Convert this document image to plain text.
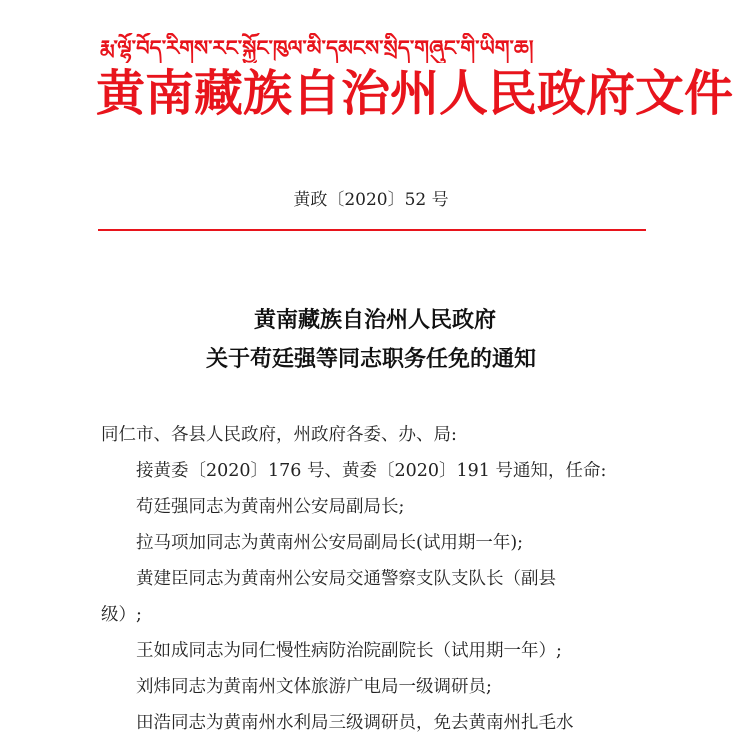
རྨ་ལྷོ་བོད་རིགས་རང་སྐྱོང་ཁུལ་མི་དམངས་སྲིད་གཞུང་གི་ཡིག་ཆ།
黄南藏族自治州人民政府文件
黄政〔2020〕52 号
黄南藏族自治州人民政府
关于苟廷强等同志职务任免的通知
同仁市、各县人民政府，州政府各委、办、局:
接黄委〔2020〕176 号、黄委〔2020〕191 号通知，任命:
苟廷强同志为黄南州公安局副局长;
拉马项加同志为黄南州公安局副局长(试用期一年);
黄建臣同志为黄南州公安局交通警察支队支队长（副县
级）;
王如成同志为同仁慢性病防治院副院长（试用期一年）;
刘炜同志为黄南州文体旅游广电局一级调研员;
田浩同志为黄南州水利局三级调研员，免去黄南州扎毛水
